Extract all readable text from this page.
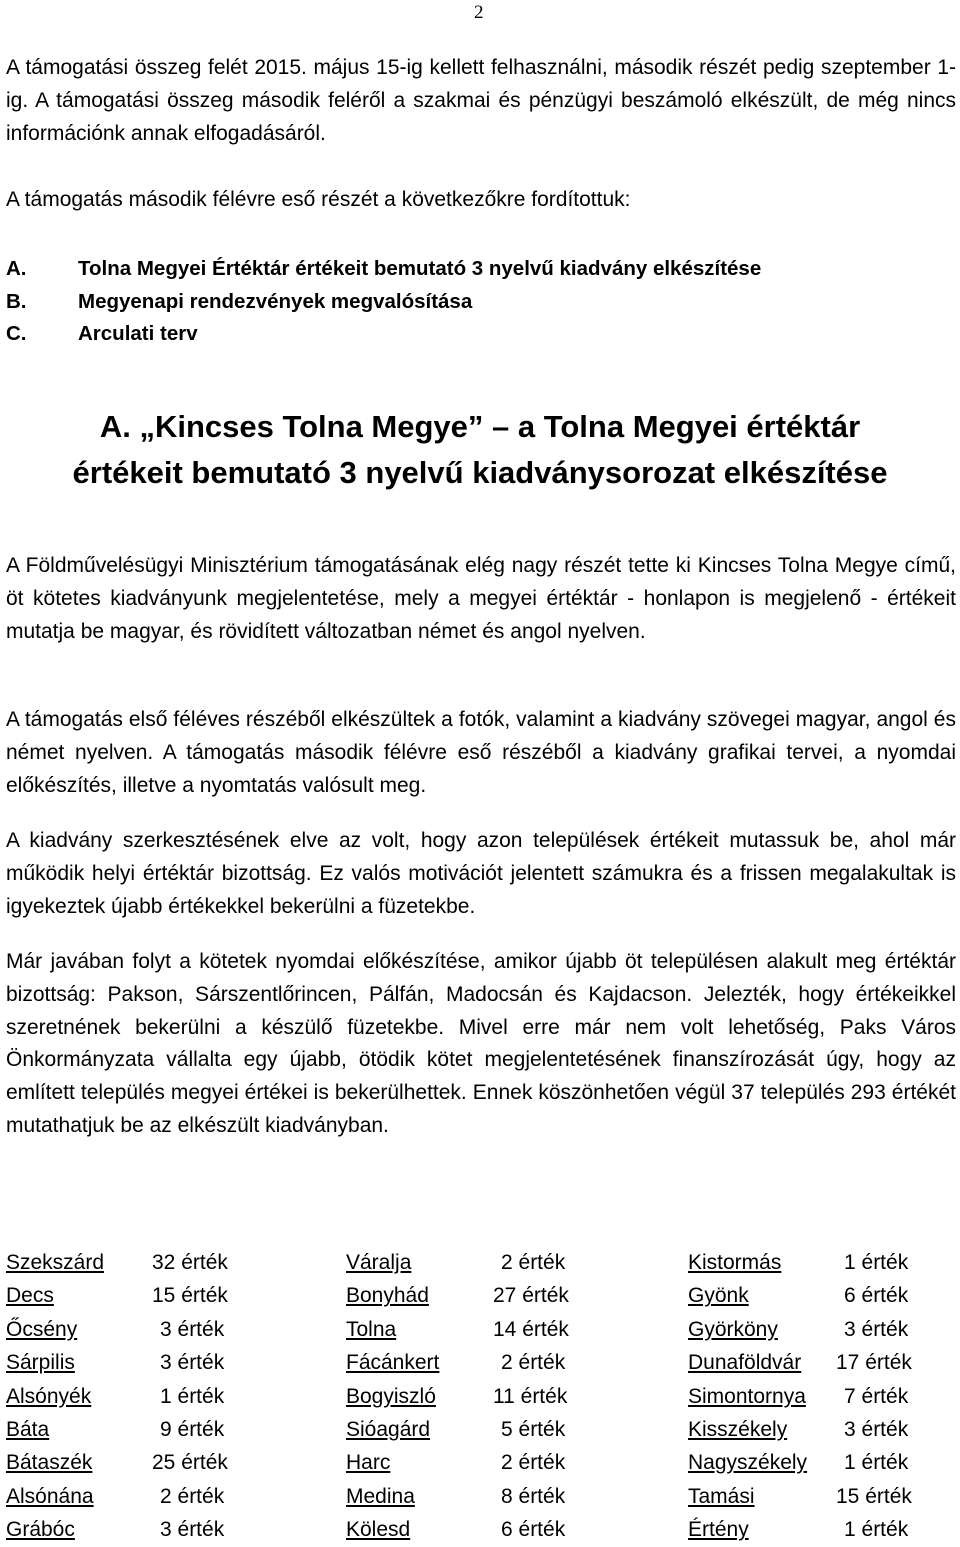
2

A támogatási összeg felét 2015. május 15-ig kellett felhasználni, második részét pedig szeptember 1-ig. A támogatási összeg második feléről a szakmai és pénzügyi beszámoló elkészült, de még nincs információnk annak elfogadásáról.

A támogatás második félévre eső részét a következőkre fordítottuk:

A.	Tolna Megyei Értéktár értékeit bemutató 3 nyelvű kiadvány elkészítése
B.	Megyenapi rendezvények megvalósítása
C.	Arculati terv
A. „Kincses Tolna Megye” – a Tolna Megyei értéktár
értékeit bemutató 3 nyelvű kiadványsorozat elkészítése

A Földművelésügyi Minisztérium támogatásának elég nagy részét tette ki Kincses Tolna Megye című, öt kötetes kiadványunk megjelentetése, mely a megyei értéktár - honlapon is megjelenő - értékeit mutatja be magyar, és rövidített változatban német és angol nyelven.

A támogatás első féléves részéből elkészültek a fotók, valamint a kiadvány szövegei magyar, angol és német nyelven. A támogatás második félévre eső részéből a kiadvány grafikai tervei, a nyomdai előkészítés, illetve a nyomtatás valósult meg.

A kiadvány szerkesztésének elve az volt, hogy azon települések értékeit mutassuk be, ahol már működik helyi értéktár bizottság. Ez valós motivációt jelentett számukra és a frissen megalakultak is igyekeztek újabb értékekkel bekerülni a füzetekbe.

Már javában folyt a kötetek nyomdai előkészítése, amikor újabb öt településen alakult meg értéktár bizottság: Pakson, Sárszentlőrincen, Pálfán, Madocsán és Kajdacson. Jelezték, hogy értékeikkel szeretnének bekerülni a készülő füzetekbe. Mivel erre már nem volt lehetőség, Paks Város Önkormányzata vállalta egy újabb, ötödik kötet megjelentetésének finanszírozását úgy, hogy az említett település megyei értékei is bekerülhettek. Ennek köszönhetően végül 37 település 293 értékét mutathatjuk be az elkészült kiadványban.

Szekszárd 32 érték	Váralja	2 érték	Kistormás	1 érték
Decs	15 érték	Bonyhád	27 érték	Gyönk	6 érték
Őcsény	3 érték	Tolna	14 érték	Györköny	3 érték
Sárpilis	3 érték	Fácánkert	2 érték	Dunaföldvár 17 érték
Alsónyék	1 érték	Bogyiszló	11 érték	Simontornya 7 érték
Báta	9 érték	Sióagárd	5 érték	Kisszékely	3 érték
Bátaszék	25 érték	Harc	2 érték	Nagyszékely 1 érték
Alsónána	2 érték	Medina	8 érték	Tamási	15 érték
Grábóc	3 érték	Kölesd	6 érték	Értény	1 érték
